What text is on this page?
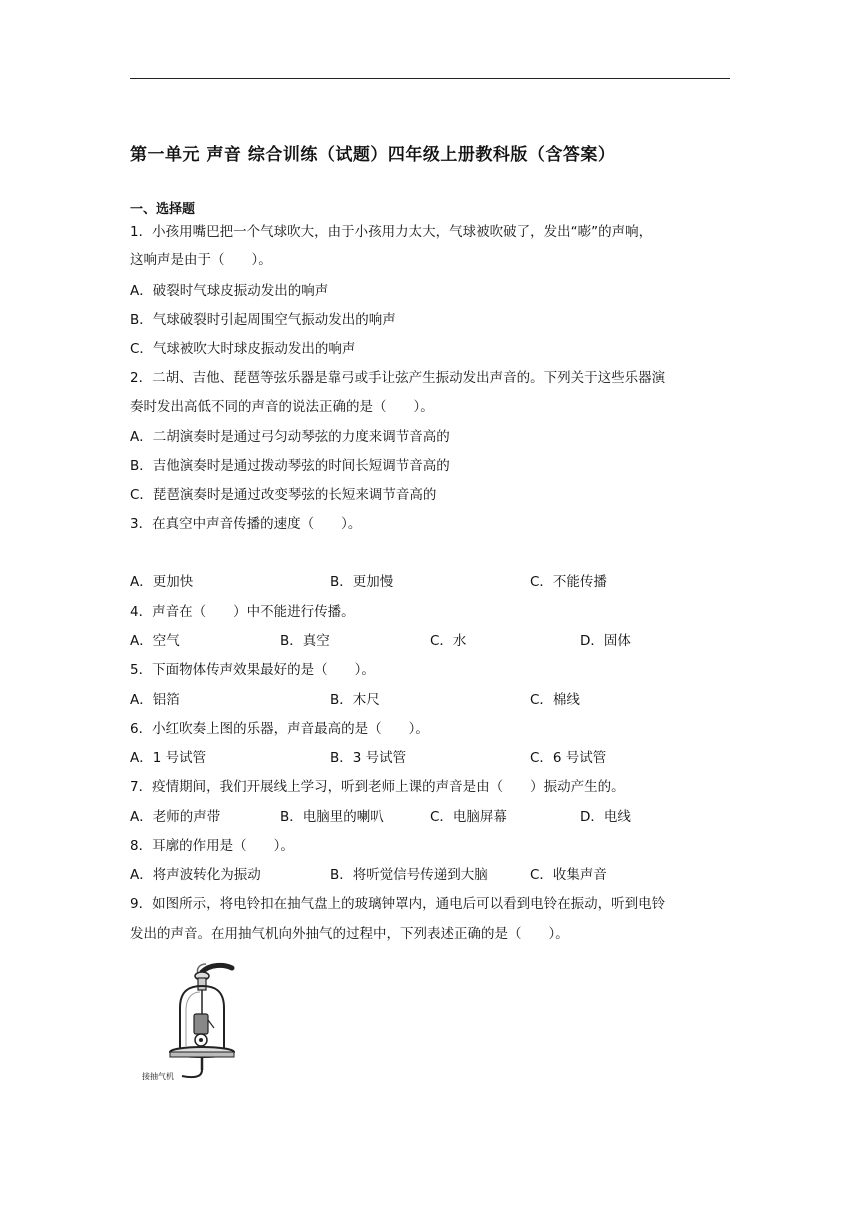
第一单元 声音 综合训练（试题）四年级上册教科版（含答案）
一、选择题
1．小孩用嘴巴把一个气球吹大，由于小孩用力太大，气球被吹破了，发出“嘭”的声响，
这响声是由于（　　）。
A．破裂时气球皮振动发出的响声
B．气球破裂时引起周围空气振动发出的响声
C．气球被吹大时球皮振动发出的响声
2．二胡、吉他、琵琶等弦乐器是靠弓或手让弦产生振动发出声音的。下列关于这些乐器演
奏时发出高低不同的声音的说法正确的是（　　）。
A．二胡演奏时是通过弓匀动琴弦的力度来调节音高的
B．吉他演奏时是通过拨动琴弦的时间长短调节音高的
C．琵琶演奏时是通过改变琴弦的长短来调节音高的
3．在真空中声音传播的速度（　　）。
A．更加快	B．更加慢	C．不能传播
4．声音在（　　）中不能进行传播。
A．空气	B．真空	C．水	D．固体
5．下面物体传声效果最好的是（　　）。
A．铝箔	B．木尺	C．棉线
6．小红吹奏上图的乐器，声音最高的是（　　）。
A．1 号试管	B．3 号试管	C．6 号试管
7．疫情期间，我们开展线上学习，听到老师上课的声音是由（　　）振动产生的。
A．老师的声带	B．电脑里的喇叭	C．电脑屏幕	D．电线
8．耳廓的作用是（　　）。
A．将声波转化为振动	B．将听觉信号传递到大脑	C．收集声音
9．如图所示，将电铃扣在抽气盘上的玻璃钟罩内，通电后可以看到电铃在振动，听到电铃
发出的声音。在用抽气机向外抽气的过程中，下列表述正确的是（　　）。
接抽气机
